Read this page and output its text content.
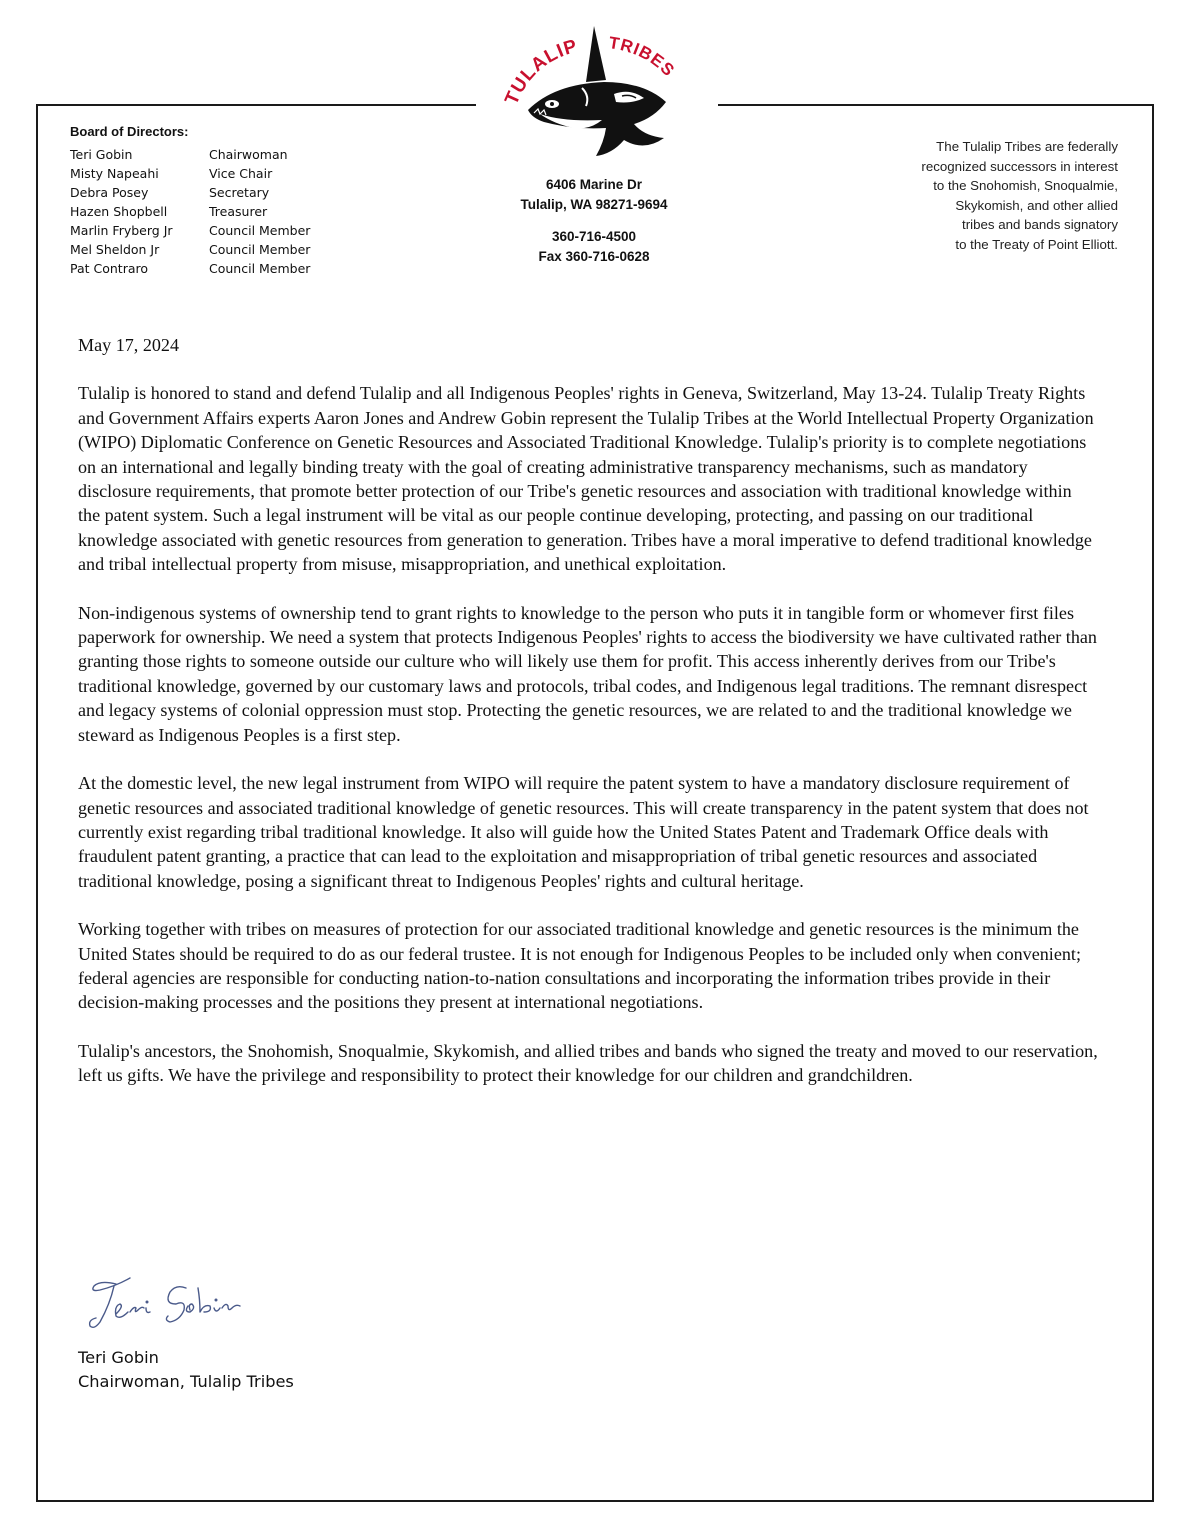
TULALIP TRIBES
Board of Directors:
Teri Gobin	Chairwoman
Misty Napeahi	Vice Chair
Debra Posey	Secretary
Hazen Shopbell	Treasurer
Marlin Fryberg Jr	Council Member
Mel Sheldon Jr	Council Member
Pat Contraro	Council Member
6406 Marine Dr
Tulalip, WA 98271-9694
360-716-4500
Fax 360-716-0628
The Tulalip Tribes are federally
recognized successors in interest
to the Snohomish, Snoqualmie,
Skykomish, and other allied
tribes and bands signatory
to the Treaty of Point Elliott.

May 17, 2024

Tulalip is honored to stand and defend Tulalip and all Indigenous Peoples' rights in Geneva, Switzerland, May 13-24. Tulalip Treaty Rights and Government Affairs experts Aaron Jones and Andrew Gobin represent the Tulalip Tribes at the World Intellectual Property Organization (WIPO) Diplomatic Conference on Genetic Resources and Associated Traditional Knowledge. Tulalip's priority is to complete negotiations on an international and legally binding treaty with the goal of creating administrative transparency mechanisms, such as mandatory disclosure requirements, that promote better protection of our Tribe's genetic resources and association with traditional knowledge within the patent system. Such a legal instrument will be vital as our people continue developing, protecting, and passing on our traditional knowledge associated with genetic resources from generation to generation. Tribes have a moral imperative to defend traditional knowledge and tribal intellectual property from misuse, misappropriation, and unethical exploitation.

Non-indigenous systems of ownership tend to grant rights to knowledge to the person who puts it in tangible form or whomever first files paperwork for ownership. We need a system that protects Indigenous Peoples' rights to access the biodiversity we have cultivated rather than granting those rights to someone outside our culture who will likely use them for profit. This access inherently derives from our Tribe's traditional knowledge, governed by our customary laws and protocols, tribal codes, and Indigenous legal traditions. The remnant disrespect and legacy systems of colonial oppression must stop. Protecting the genetic resources, we are related to and the traditional knowledge we steward as Indigenous Peoples is a first step.

At the domestic level, the new legal instrument from WIPO will require the patent system to have a mandatory disclosure requirement of genetic resources and associated traditional knowledge of genetic resources. This will create transparency in the patent system that does not currently exist regarding tribal traditional knowledge. It also will guide how the United States Patent and Trademark Office deals with fraudulent patent granting, a practice that can lead to the exploitation and misappropriation of tribal genetic resources and associated traditional knowledge, posing a significant threat to Indigenous Peoples' rights and cultural heritage.

Working together with tribes on measures of protection for our associated traditional knowledge and genetic resources is the minimum the United States should be required to do as our federal trustee. It is not enough for Indigenous Peoples to be included only when convenient; federal agencies are responsible for conducting nation-to-nation consultations and incorporating the information tribes provide in their decision-making processes and the positions they present at international negotiations.

Tulalip's ancestors, the Snohomish, Snoqualmie, Skykomish, and allied tribes and bands who signed the treaty and moved to our reservation, left us gifts. We have the privilege and responsibility to protect their knowledge for our children and grandchildren.

Teri Gobin
Chairwoman, Tulalip Tribes
